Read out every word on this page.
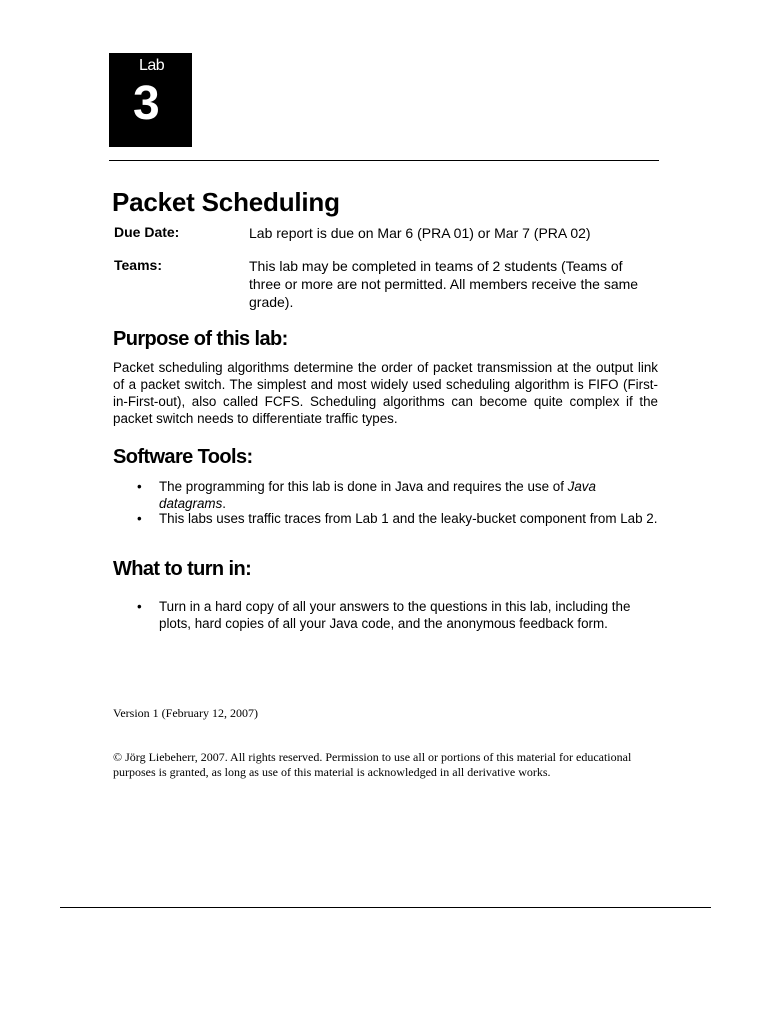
Lab
3
Packet Scheduling
Due Date:	Lab report is due on Mar 6 (PRA 01) or Mar 7 (PRA 02)
Teams:	This lab may be completed in teams of 2 students (Teams of three or more are not permitted. All members receive the same grade).
Purpose of this lab:

Packet scheduling algorithms determine the order of packet transmission at the output link of a packet switch. The simplest and most widely used scheduling algorithm is FIFO (First-in-First-out), also called FCFS. Scheduling algorithms can become quite complex if the packet switch needs to differentiate traffic types.

Software Tools:
• The programming for this lab is done in Java and requires the use of Java datagrams.
• This labs uses traffic traces from Lab 1 and the leaky-bucket component from Lab 2.
What to turn in:
• Turn in a hard copy of all your answers to the questions in this lab, including the plots, hard copies of all your Java code, and the anonymous feedback form.
Version 1 (February 12, 2007)
© Jörg Liebeherr, 2007. All rights reserved. Permission to use all or portions of this material for educational purposes is granted, as long as use of this material is acknowledged in all derivative works.
